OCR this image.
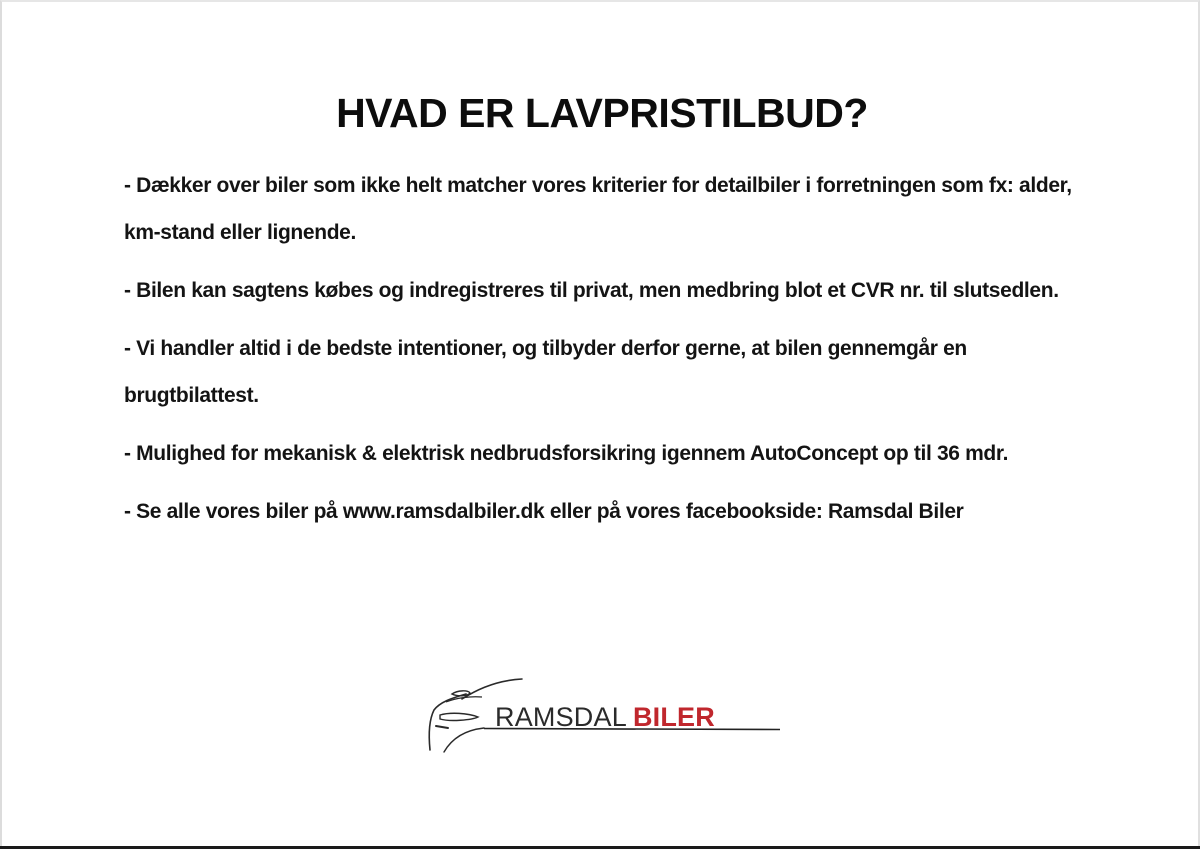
HVAD ER LAVPRISTILBUD?
- Dækker over biler som ikke helt matcher vores kriterier for detailbiler i forretningen som fx: alder, km-stand eller lignende.
- Bilen kan sagtens købes og indregistreres til privat, men medbring blot et CVR nr. til slutsedlen.
- Vi handler altid i de bedste intentioner, og tilbyder derfor gerne, at bilen gennemgår en brugtbilattest.
- Mulighed for mekanisk & elektrisk nedbrudsforsikring igennem AutoConcept op til 36 mdr.
- Se alle vores biler på www.ramsdalbiler.dk eller på vores facebookside: Ramsdal Biler
RAMSDAL BILER
